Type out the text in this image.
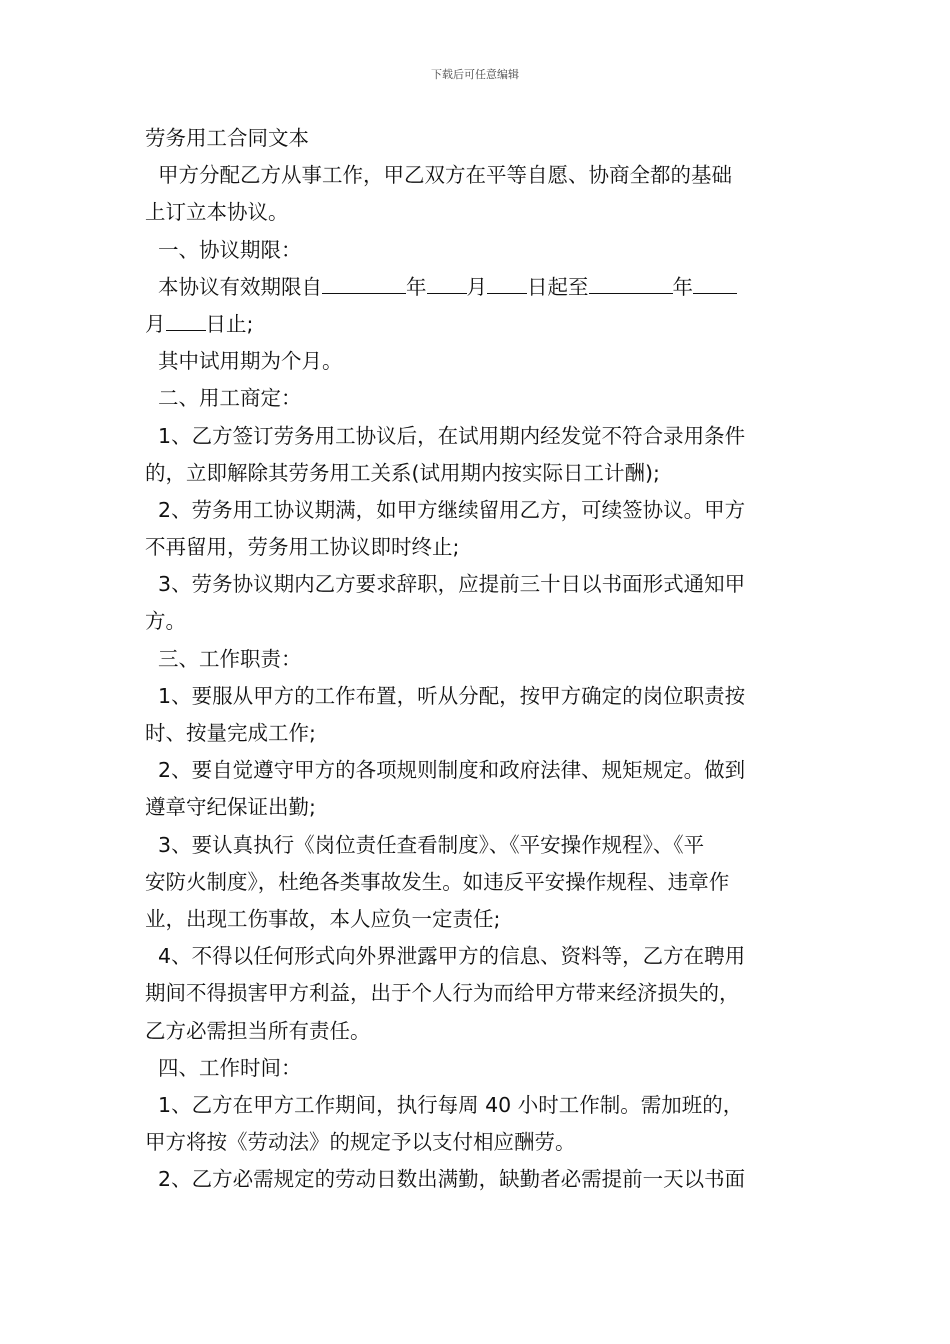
下载后可任意编辑
劳务用工合同文本
甲方分配乙方从事工作，甲乙双方在平等自愿、协商全都的基础
上订立本协议。
一、协议期限：
本协议有效期限自	年 月 日起至	年
月 日止;
其中试用期为个月。
二、用工商定：
1、乙方签订劳务用工协议后，在试用期内经发觉不符合录用条件
的，立即解除其劳务用工关系(试用期内按实际日工计酬);
2、劳务用工协议期满，如甲方继续留用乙方，可续签协议。甲方
不再留用，劳务用工协议即时终止;
3、劳务协议期内乙方要求辞职，应提前三十日以书面形式通知甲
方。
三、工作职责：
1、要服从甲方的工作布置，听从分配，按甲方确定的岗位职责按
时、按量完成工作;
2、要自觉遵守甲方的各项规则制度和政府法律、规矩规定。做到
遵章守纪保证出勤;
3、要认真执行《岗位责任查看制度》、《平安操作规程》、《平
安防火制度》，杜绝各类事故发生。如违反平安操作规程、违章作
业，出现工伤事故，本人应负一定责任;
4、不得以任何形式向外界泄露甲方的信息、资料等，乙方在聘用
期间不得损害甲方利益，出于个人行为而给甲方带来经济损失的，
乙方必需担当所有责任。
四、工作时间：
1、乙方在甲方工作期间，执行每周 40 小时工作制。需加班的，
甲方将按《劳动法》的规定予以支付相应酬劳。
2、乙方必需规定的劳动日数出满勤，缺勤者必需提前一天以书面
